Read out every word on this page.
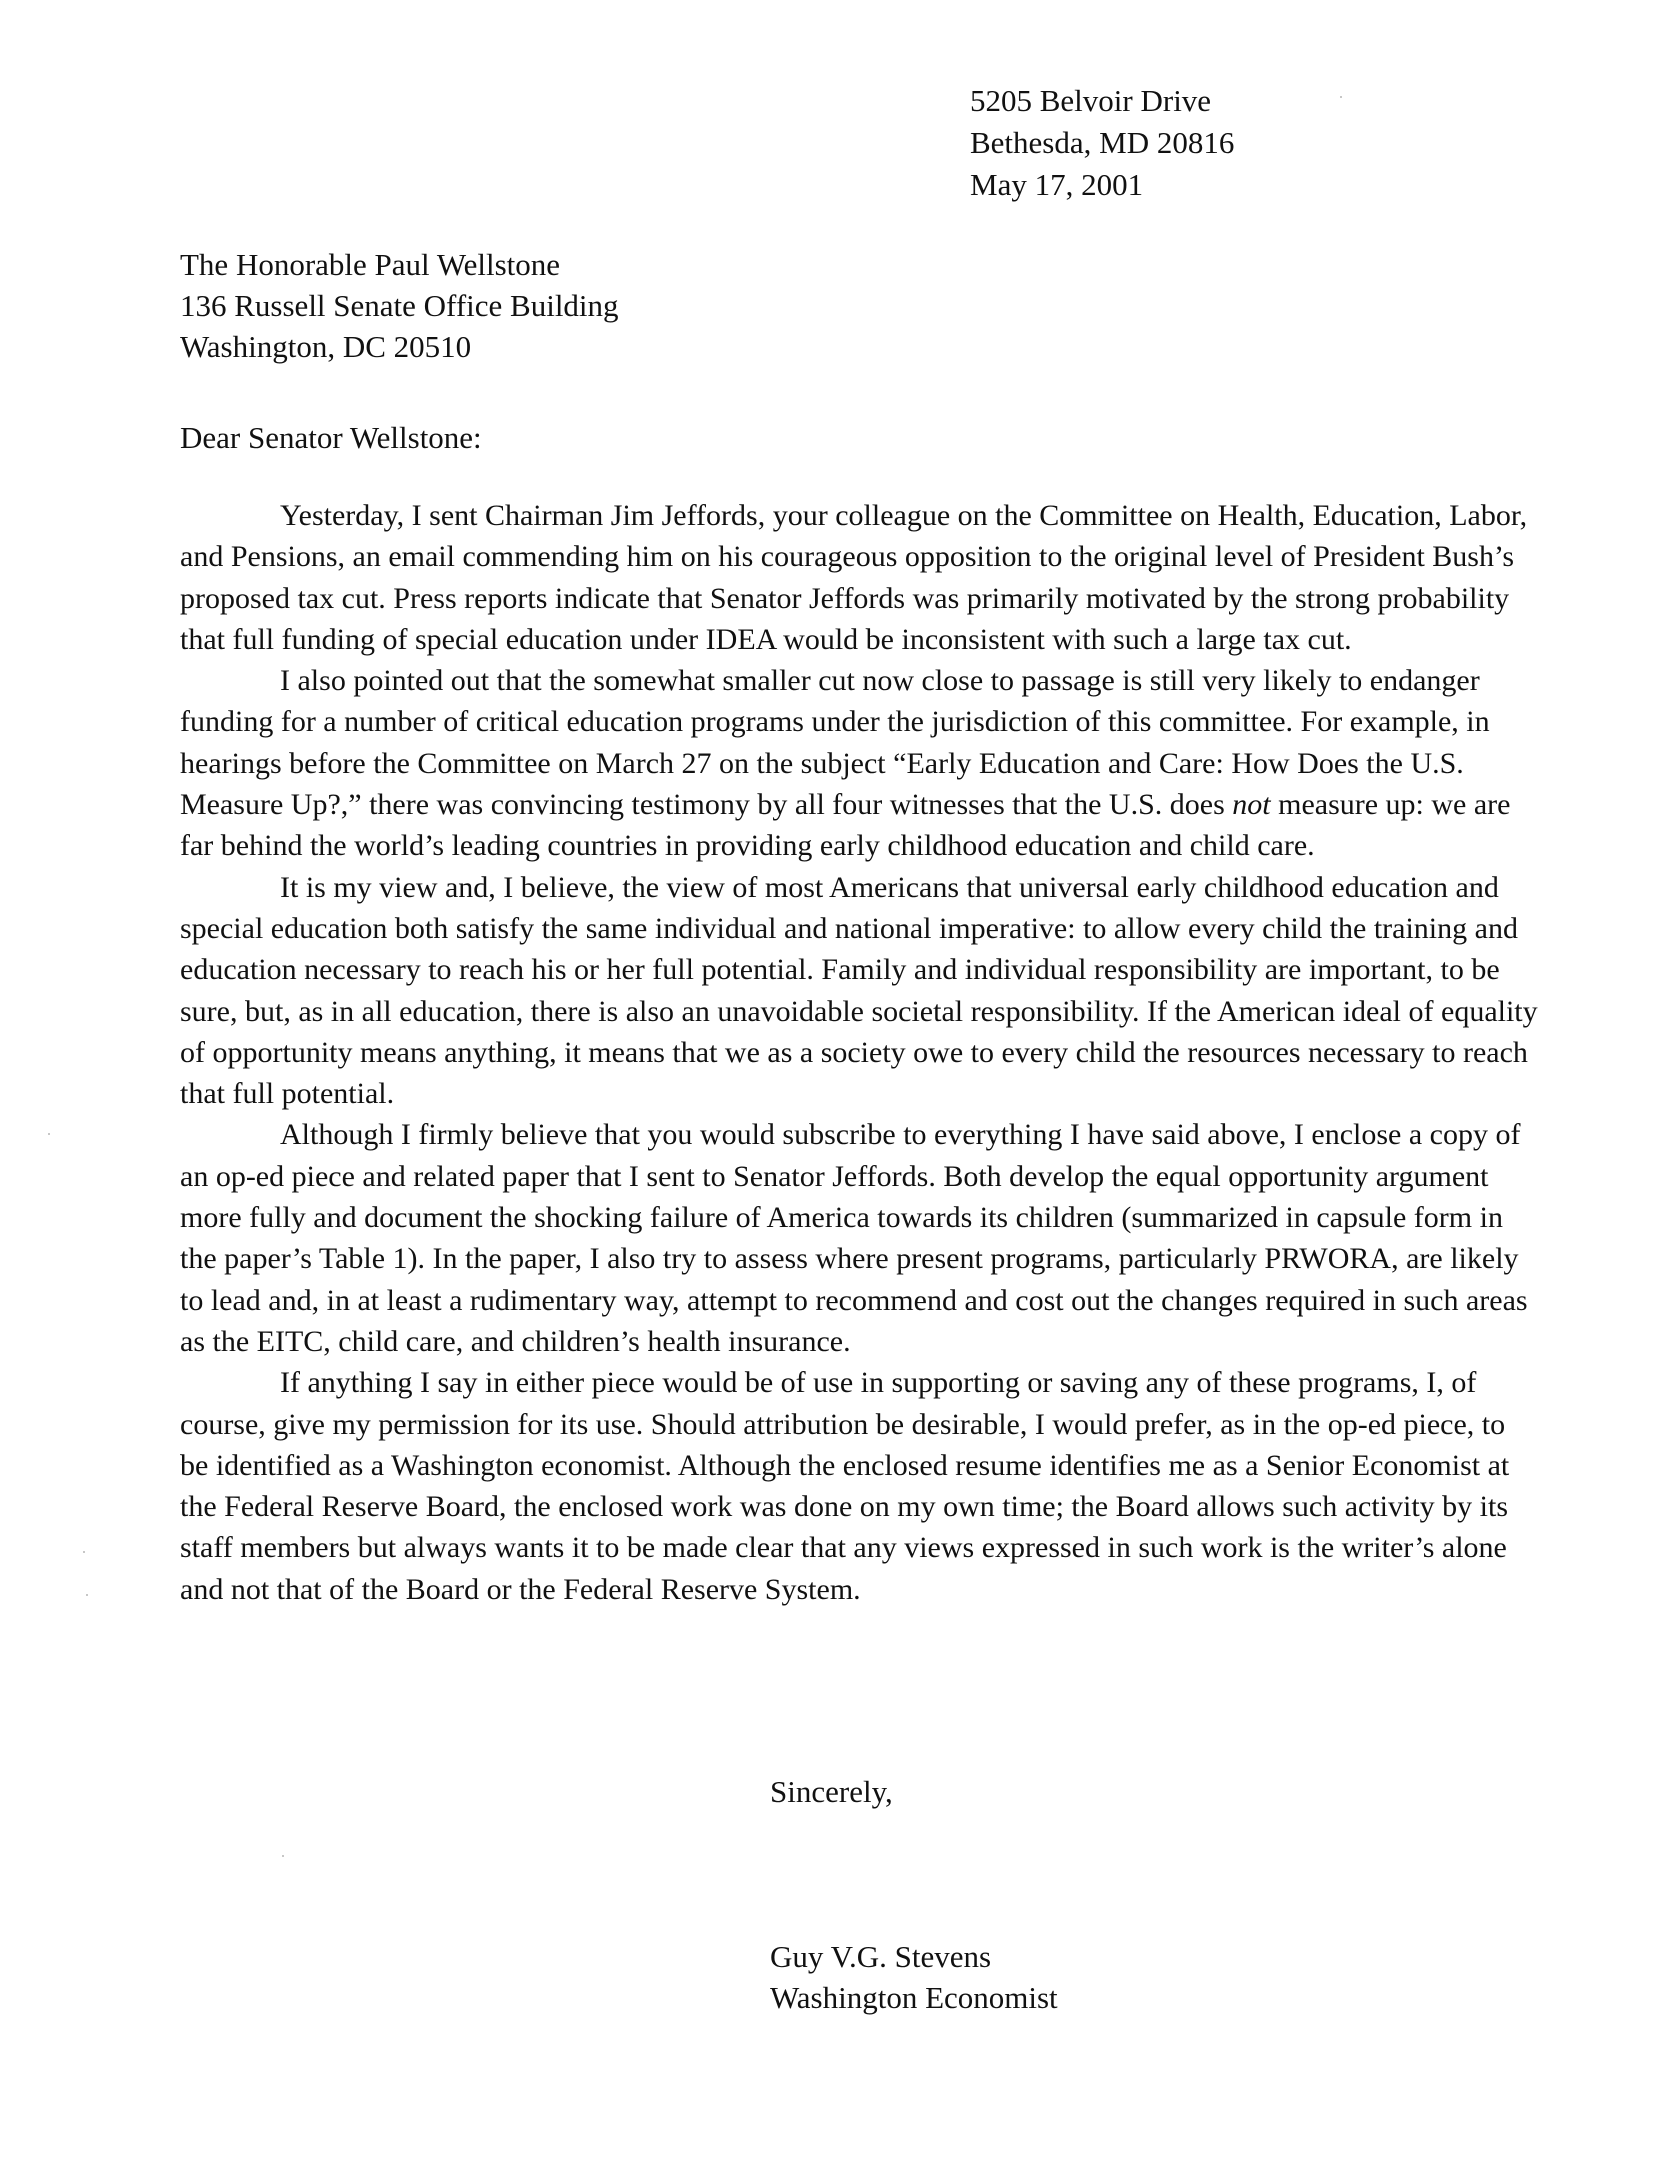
5205 Belvoir Drive
Bethesda, MD 20816
May 17, 2001
The Honorable Paul Wellstone
136 Russell Senate Office Building
Washington, DC 20510
Dear Senator Wellstone:

Yesterday, I sent Chairman Jim Jeffords, your colleague on the Committee on Health, Education, Labor, and Pensions, an email commending him on his courageous opposition to the original level of President Bush’s proposed tax cut. Press reports indicate that Senator Jeffords was primarily motivated by the strong probability that full funding of special education under IDEA would be inconsistent with such a large tax cut.

I also pointed out that the somewhat smaller cut now close to passage is still very likely to endanger funding for a number of critical education programs under the jurisdiction of this committee. For example, in hearings before the Committee on March 27 on the subject “Early Education and Care: How Does the U.S. Measure Up?,” there was convincing testimony by all four witnesses that the U.S. does not measure up: we are far behind the world’s leading countries in providing early childhood education and child care.

It is my view and, I believe, the view of most Americans that universal early childhood education and special education both satisfy the same individual and national imperative: to allow every child the training and education necessary to reach his or her full potential. Family and individual responsibility are important, to be sure, but, as in all education, there is also an unavoidable societal responsibility. If the American ideal of equality of opportunity means anything, it means that we as a society owe to every child the resources necessary to reach that full potential.

Although I firmly believe that you would subscribe to everything I have said above, I enclose a copy of an op-ed piece and related paper that I sent to Senator Jeffords. Both develop the equal opportunity argument more fully and document the shocking failure of America towards its children (summarized in capsule form in the paper’s Table 1). In the paper, I also try to assess where present programs, particularly PRWORA, are likely to lead and, in at least a rudimentary way, attempt to recommend and cost out the changes required in such areas as the EITC, child care, and children’s health insurance.

If anything I say in either piece would be of use in supporting or saving any of these programs, I, of course, give my permission for its use. Should attribution be desirable, I would prefer, as in the op-ed piece, to be identified as a Washington economist. Although the enclosed resume identifies me as a Senior Economist at the Federal Reserve Board, the enclosed work was done on my own time; the Board allows such activity by its staff members but always wants it to be made clear that any views expressed in such work is the writer’s alone and not that of the Board or the Federal Reserve System.

Sincerely,
Guy V.G. Stevens
Washington Economist
